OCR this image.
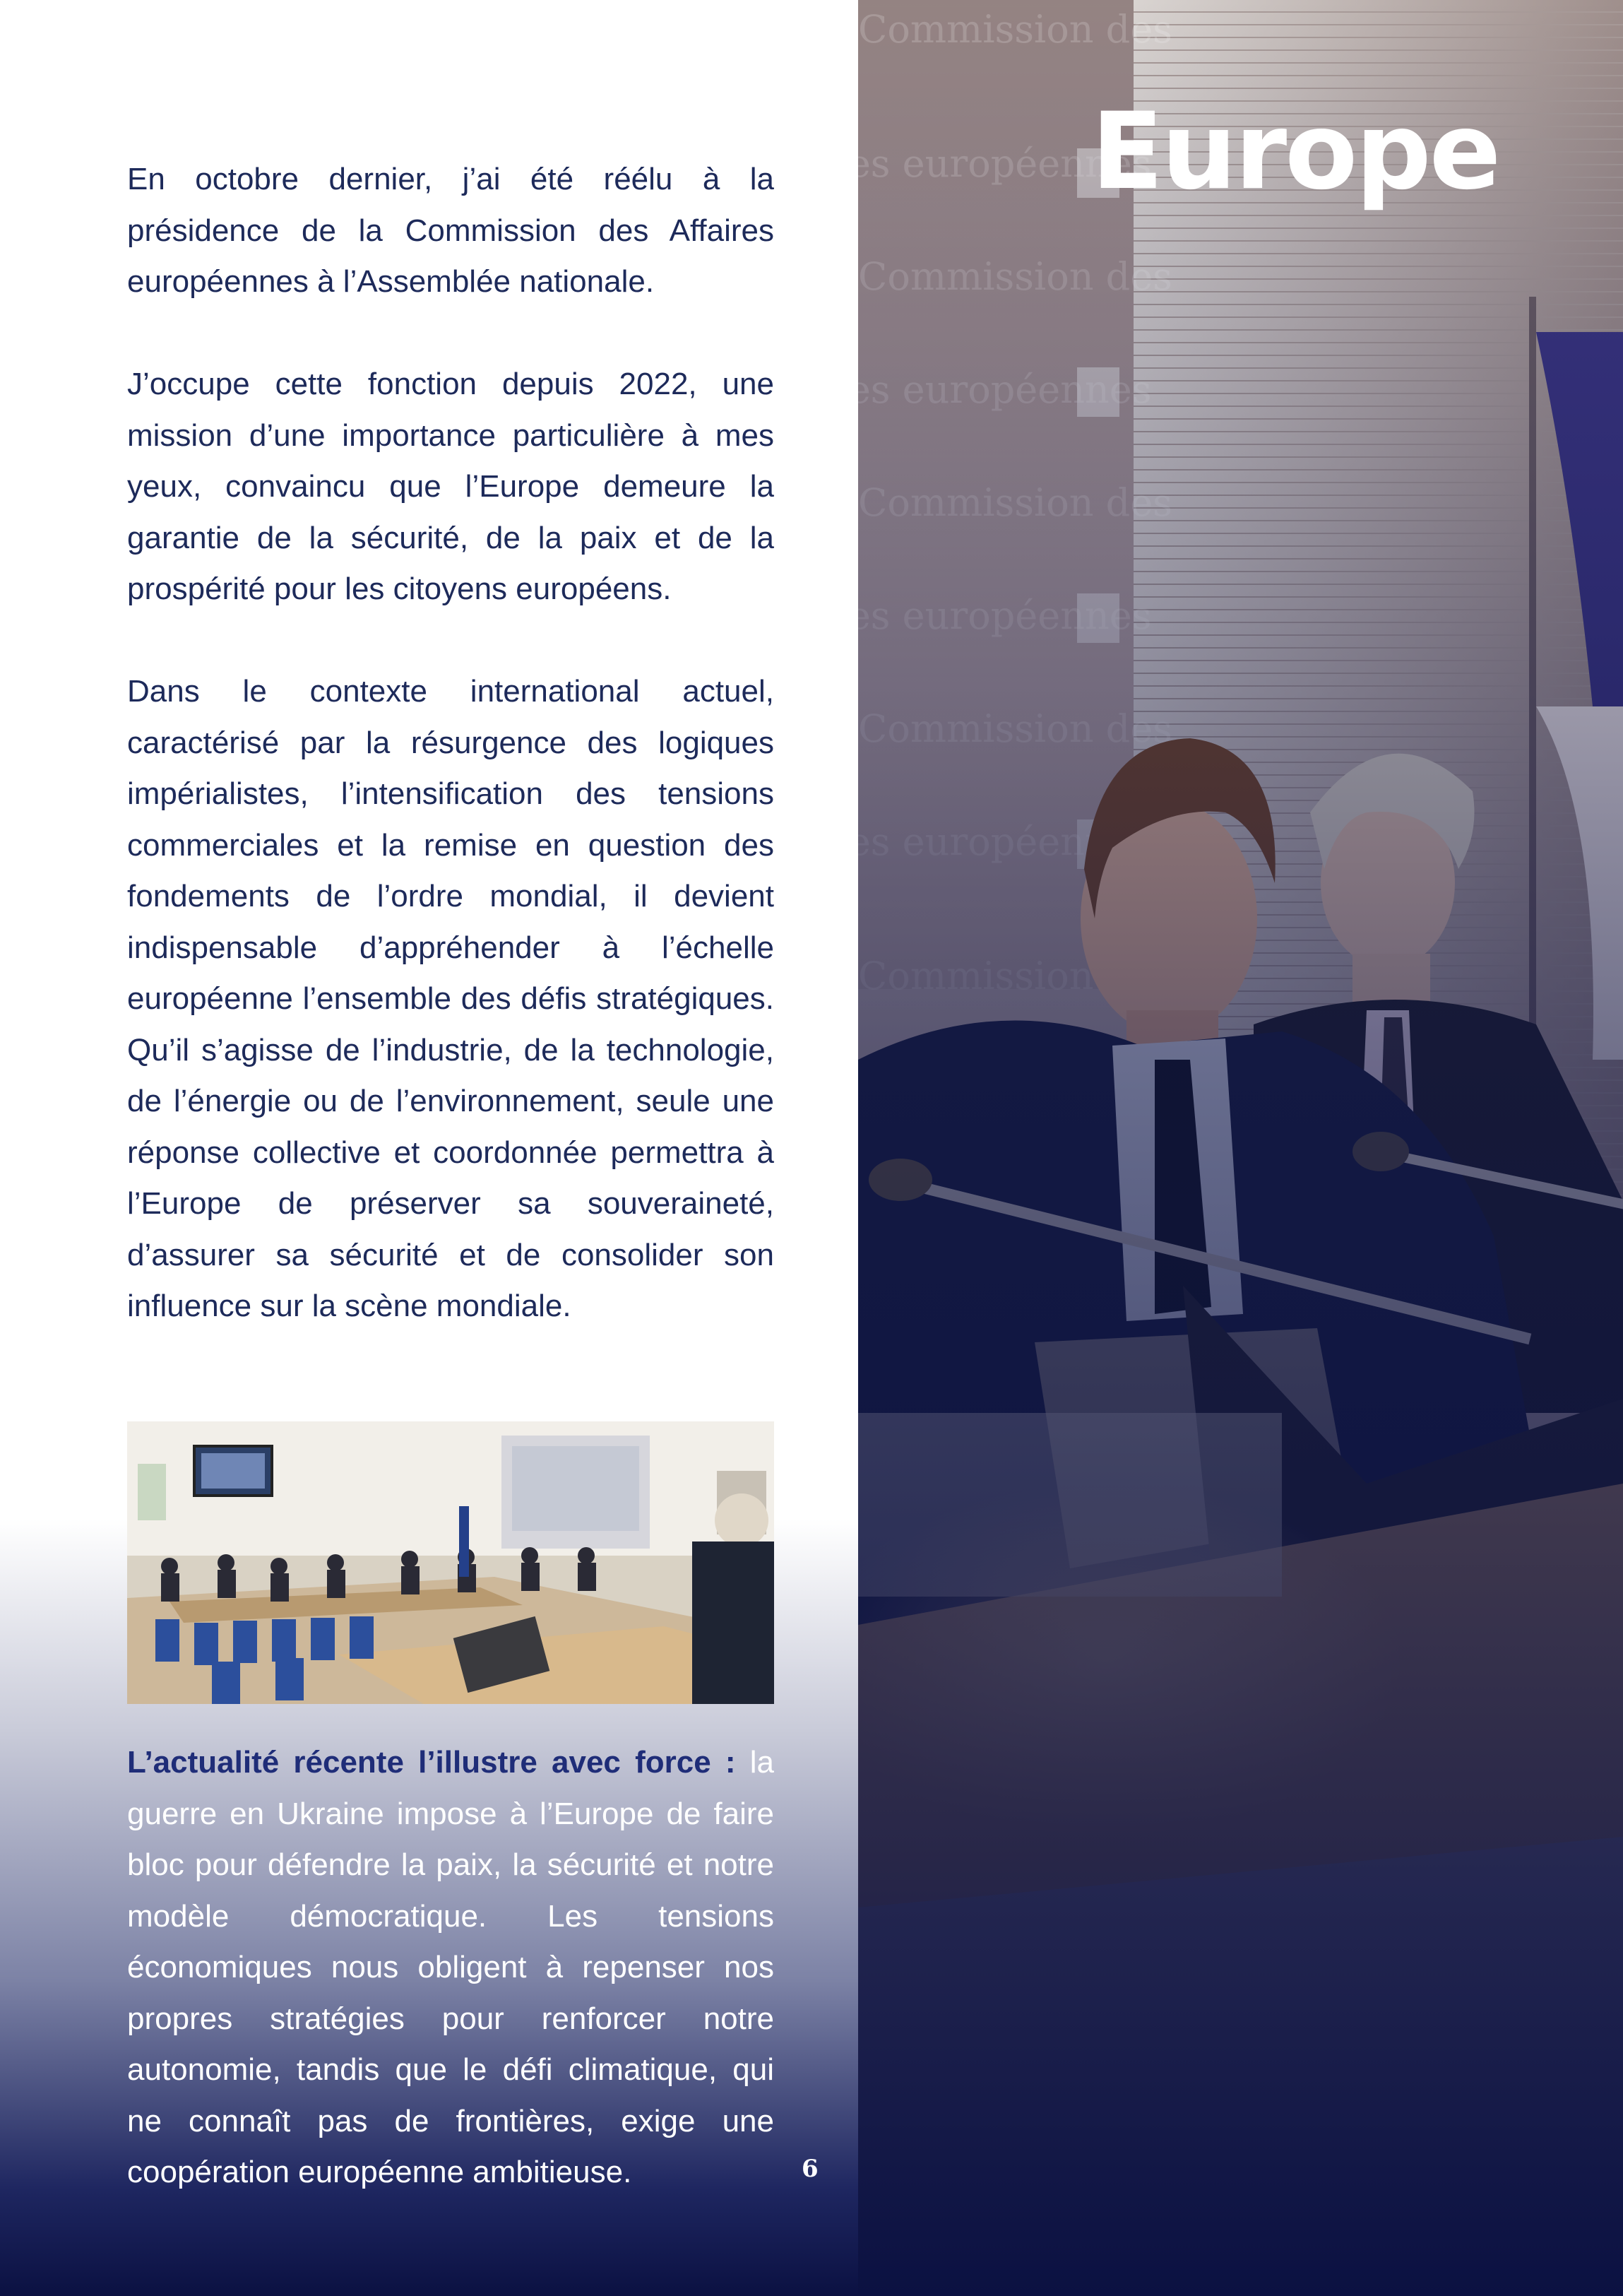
En octobre dernier, j’ai été réélu à la présidence de la Commission des Affaires européennes à l’Assemblée nationale.

J’occupe cette fonction depuis 2022, une mission d’une importance particulière à mes yeux, convaincu que l’Europe demeure la garantie de la sécurité, de la paix et de la prospérité pour les citoyens européens.

Dans le contexte international actuel, caractérisé par la résurgence des logiques impérialistes, l’intensification des tensions commerciales et la remise en question des fondements de l’ordre mondial, il devient indispensable d’appréhender à l’échelle européenne l’ensemble des défis stratégiques. Qu’il s’agisse de l’industrie, de la technologie, de l’énergie ou de l’environnement, seule une réponse collective et coordonnée permettra à l’Europe de préserver sa souveraineté, d’assurer sa sécurité et de consolider son influence sur la scène mondiale.

L’actualité récente l’illustre avec force : la guerre en Ukraine impose à l’Europe de faire bloc pour défendre la paix, la sécurité et notre modèle démocratique. Les tensions économiques nous obligent à repenser nos propres stratégies pour renforcer notre autonomie, tandis que le défi climatique, qui ne connaît pas de frontières, exige une coopération européenne ambitieuse.	6
Europe
